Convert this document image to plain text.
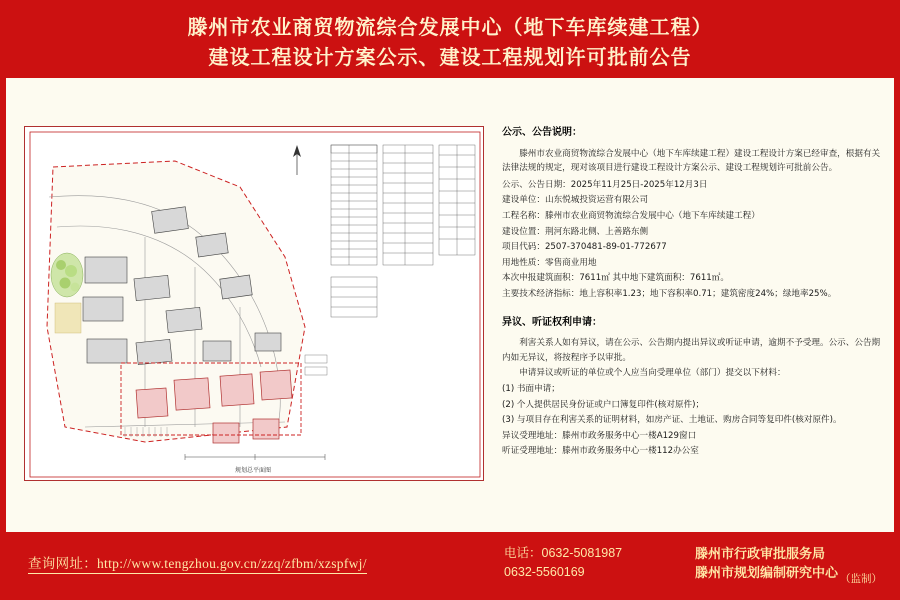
滕州市农业商贸物流综合发展中心（地下车库续建工程）
建设工程设计方案公示、建设工程规划许可批前公告
规划总平面图
公示、公告说明：
滕州市农业商贸物流综合发展中心（地下车库续建工程）建设工程设计方案已经审查，根据有关法律法规的规定，现对该项目进行建设工程设计方案公示、建设工程规划许可批前公告。
公示、公告日期：2025年11月25日-2025年12月3日
建设单位：山东悦城投资运营有限公司
工程名称：滕州市农业商贸物流综合发展中心（地下车库续建工程）
建设位置：荆河东路北侧、上善路东侧
项目代码：2507-370481-89-01-772677
用地性质：零售商业用地
本次申报建筑面积：7611㎡ 其中地下建筑面积：7611㎡。
主要技术经济指标：地上容积率1.23；地下容积率0.71；建筑密度24%；绿地率25%。
异议、听证权利申请：
利害关系人如有异议，请在公示、公告期内提出异议或听证申请，逾期不予受理。公示、公告期内如无异议，将按程序予以审批。
申请异议或听证的单位或个人应当向受理单位（部门）提交以下材料：
(1) 书面申请；
(2) 个人提供居民身份证或户口簿复印件(核对原件)；
(3) 与项目存在利害关系的证明材料，如房产证、土地证、购房合同等复印件(核对原件)。
异议受理地址：滕州市政务服务中心一楼A129窗口
听证受理地址：滕州市政务服务中心一楼112办公室
查询网址：http://www.tengzhou.gov.cn/zzq/zfbm/xzspfwj/
电话：0632-5081987
0632-5560169
滕州市行政审批服务局
滕州市规划编制研究中心 （监制）
